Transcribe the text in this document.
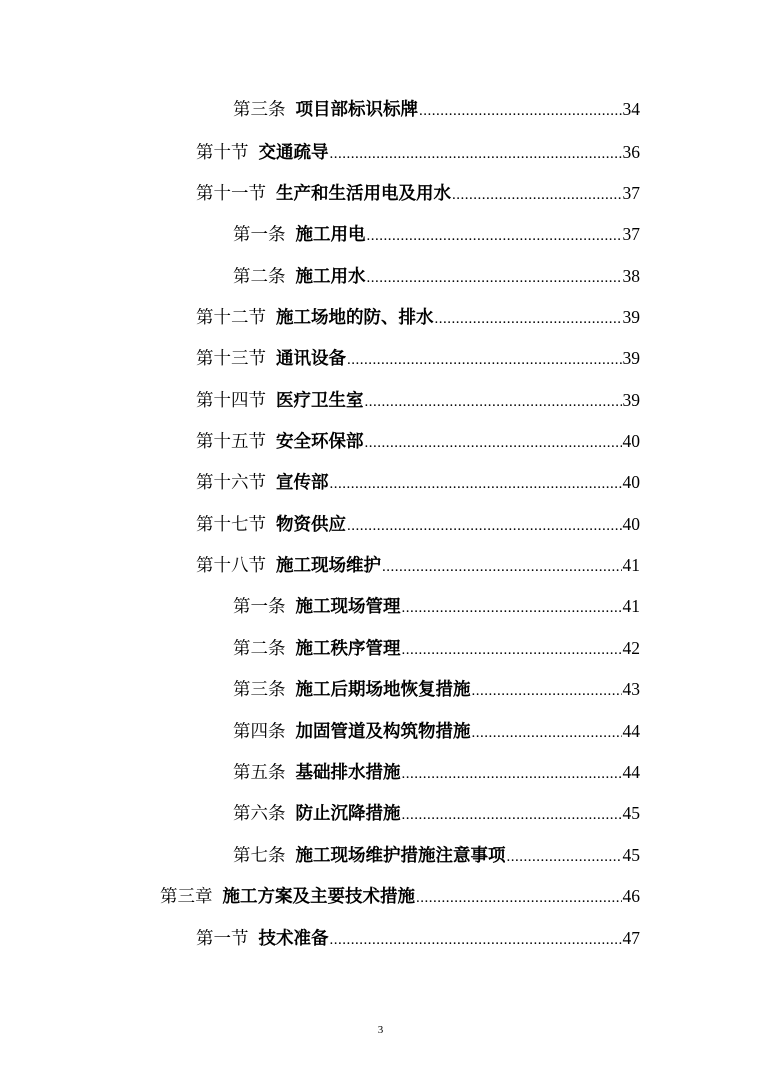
第三条 项目部标识标牌 .....	34
第十节 交通疏导 .....	36
第十一节 生产和生活用电及用水 .....	37
第一条 施工用电 .....	37
第二条 施工用水 .....	38
第十二节 施工场地的防、排水 .....	39
第十三节 通讯设备 .....	39
第十四节 医疗卫生室 .....	39
第十五节 安全环保部 .....	40
第十六节 宣传部 .....	40
第十七节 物资供应 .....	40
第十八节 施工现场维护 .....	41
第一条 施工现场管理 .....	41
第二条 施工秩序管理 .....	42
第三条 施工后期场地恢复措施 .....	43
第四条 加固管道及构筑物措施 .....	44
第五条 基础排水措施 .....	44
第六条 防止沉降措施 .....	45
第七条 施工现场维护措施注意事项 .....	45
第三章 施工方案及主要技术措施 .....	46
第一节 技术准备 .....	47
3
